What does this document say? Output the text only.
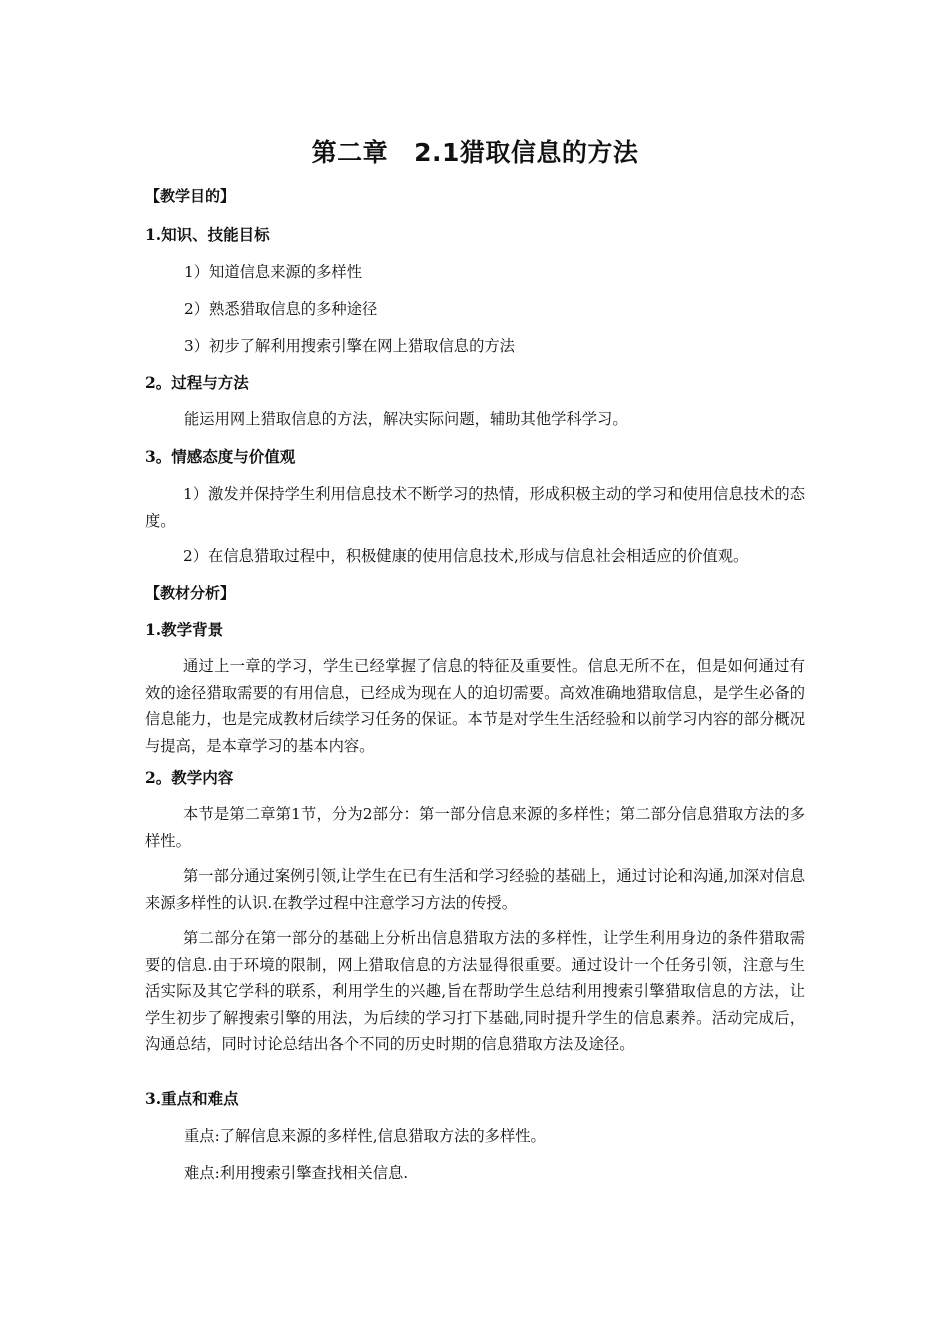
第二章 2.1猎取信息的方法
【教学目的】
1.知识、技能目标
1）知道信息来源的多样性
2）熟悉猎取信息的多种途径
3）初步了解利用搜索引擎在网上猎取信息的方法
2。过程与方法
能运用网上猎取信息的方法，解决实际问题，辅助其他学科学习。
3。情感态度与价值观
1）激发并保持学生利用信息技术不断学习的热情，形成积极主动的学习和使用信息技术的态度。
2）在信息猎取过程中，积极健康的使用信息技术,形成与信息社会相适应的价值观。
【教材分析】
1.教学背景
通过上一章的学习，学生已经掌握了信息的特征及重要性。信息无所不在，但是如何通过有效的途径猎取需要的有用信息，已经成为现在人的迫切需要。高效准确地猎取信息，是学生必备的信息能力，也是完成教材后续学习任务的保证。本节是对学生生活经验和以前学习内容的部分概况与提高，是本章学习的基本内容。
2。教学内容
本节是第二章第1节，分为2部分：第一部分信息来源的多样性；第二部分信息猎取方法的多样性。
第一部分通过案例引领,让学生在已有生活和学习经验的基础上，通过讨论和沟通,加深对信息来源多样性的认识.在教学过程中注意学习方法的传授。
第二部分在第一部分的基础上分析出信息猎取方法的多样性，让学生利用身边的条件猎取需要的信息.由于环境的限制，网上猎取信息的方法显得很重要。通过设计一个任务引领，注意与生活实际及其它学科的联系，利用学生的兴趣,旨在帮助学生总结利用搜索引擎猎取信息的方法，让学生初步了解搜索引擎的用法，为后续的学习打下基础,同时提升学生的信息素养。活动完成后，沟通总结，同时讨论总结出各个不同的历史时期的信息猎取方法及途径。
3.重点和难点
重点:了解信息来源的多样性,信息猎取方法的多样性。
难点:利用搜索引擎查找相关信息.
